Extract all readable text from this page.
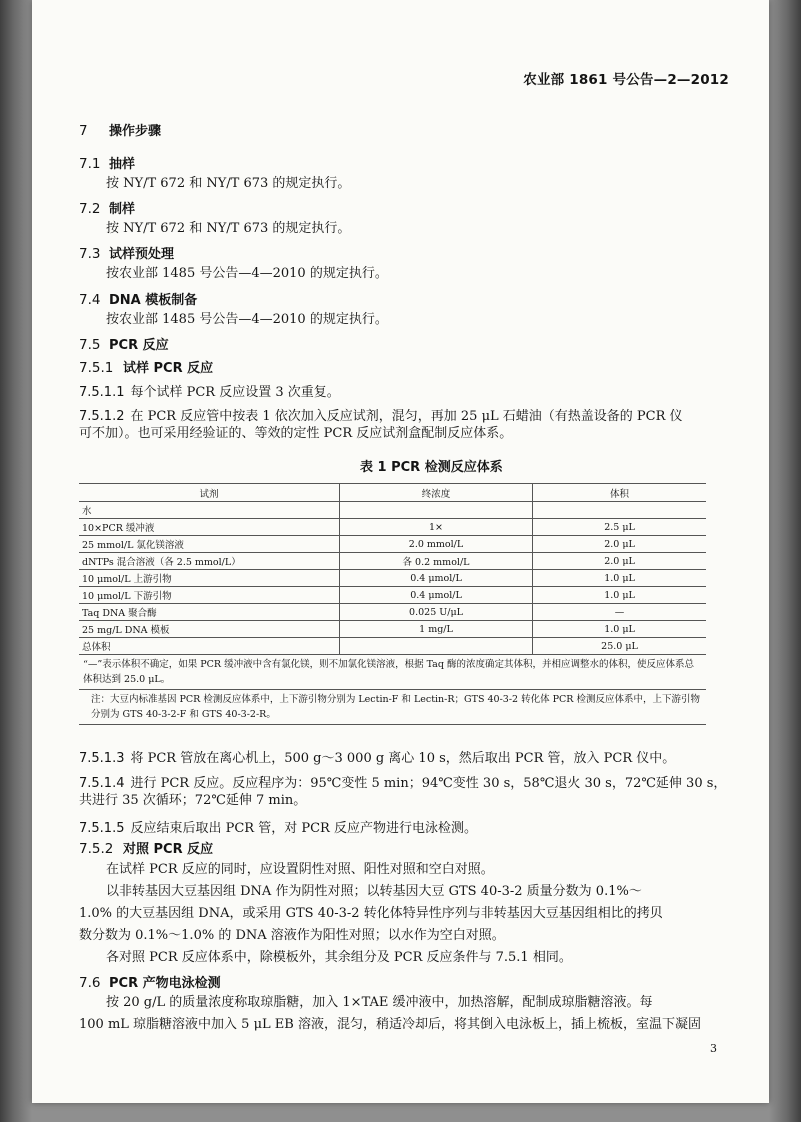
农业部 1861 号公告—2—2012
7 操作步骤
7.1 抽样
按 NY/T 672 和 NY/T 673 的规定执行。
7.2 制样
按 NY/T 672 和 NY/T 673 的规定执行。
7.3 试样预处理
按农业部 1485 号公告—4—2010 的规定执行。
7.4 DNA 模板制备
按农业部 1485 号公告—4—2010 的规定执行。
7.5 PCR 反应
7.5.1 试样 PCR 反应
7.5.1.1 每个试样 PCR 反应设置 3 次重复。
7.5.1.2 在 PCR 反应管中按表 1 依次加入反应试剂，混匀，再加 25 μL 石蜡油（有热盖设备的 PCR 仪
可不加）。也可采用经验证的、等效的定性 PCR 反应试剂盒配制反应体系。
表 1 PCR 检测反应体系
试剂	终浓度	体积
水		
10×PCR 缓冲液	1×	2.5 μL
25 mmol/L 氯化镁溶液	2.0 mmol/L	2.0 μL
dNTPs 混合溶液（各 2.5 mmol/L）	各 0.2 mmol/L	2.0 μL
10 μmol/L 上游引物	0.4 μmol/L	1.0 μL
10 μmol/L 下游引物	0.4 μmol/L	1.0 μL
Taq DNA 聚合酶	0.025 U/μL	—
25 mg/L DNA 模板	1 mg/L	1.0 μL
总体积		25.0 μL
“—”表示体积不确定，如果 PCR 缓冲液中含有氯化镁，则不加氯化镁溶液，根据 Taq 酶的浓度确定其体积，并相应调整水的体积，使反应体系总体积达到 25.0 μL。		
注：大豆内标准基因 PCR 检测反应体系中，上下游引物分别为 Lectin-F 和 Lectin-R；GTS 40-3-2 转化体 PCR 检测反应体系中，上下游引物分别为 GTS 40-3-2-F 和 GTS 40-3-2-R。		
7.5.1.3 将 PCR 管放在离心机上，500 g～3 000 g 离心 10 s，然后取出 PCR 管，放入 PCR 仪中。
7.5.1.4 进行 PCR 反应。反应程序为：95℃变性 5 min；94℃变性 30 s，58℃退火 30 s，72℃延伸 30 s，
共进行 35 次循环；72℃延伸 7 min。
7.5.1.5 反应结束后取出 PCR 管，对 PCR 反应产物进行电泳检测。
7.5.2 对照 PCR 反应
在试样 PCR 反应的同时，应设置阴性对照、阳性对照和空白对照。
以非转基因大豆基因组 DNA 作为阴性对照；以转基因大豆 GTS 40-3-2 质量分数为 0.1%～
1.0% 的大豆基因组 DNA，或采用 GTS 40-3-2 转化体特异性序列与非转基因大豆基因组相比的拷贝
数分数为 0.1%～1.0% 的 DNA 溶液作为阳性对照；以水作为空白对照。
各对照 PCR 反应体系中，除模板外，其余组分及 PCR 反应条件与 7.5.1 相同。
7.6 PCR 产物电泳检测
按 20 g/L 的质量浓度称取琼脂糖，加入 1×TAE 缓冲液中，加热溶解，配制成琼脂糖溶液。每
100 mL 琼脂糖溶液中加入 5 μL EB 溶液，混匀，稍适冷却后，将其倒入电泳板上，插上梳板，室温下凝固
3
